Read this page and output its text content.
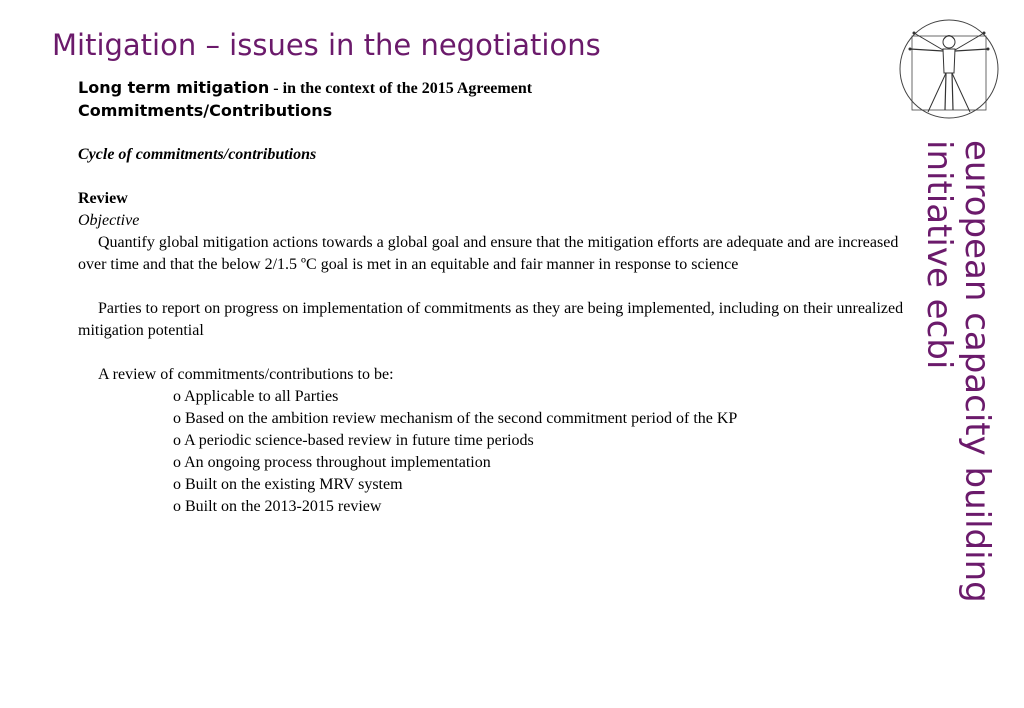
Mitigation – issues in the negotiations
Long term mitigation - in the context of the 2015 Agreement
Commitments/Contributions
Cycle of commitments/contributions
Review
Objective
Quantify global mitigation actions towards a global goal and ensure that the mitigation efforts are adequate and are increased over time and that the below 2/1.5 ºC goal is met in an equitable and fair manner in response to science
Parties to report on progress on implementation of commitments as they are being implemented, including on their unrealized mitigation potential
A review of commitments/contributions to be:
o Applicable to all Parties
o Based on the ambition review mechanism of the second commitment period of the KP
o A periodic science-based review in future time periods
o An ongoing process throughout implementation
o Built on the existing MRV system
o Built on the 2013-2015 review	european capacity building
initiative ecbi
